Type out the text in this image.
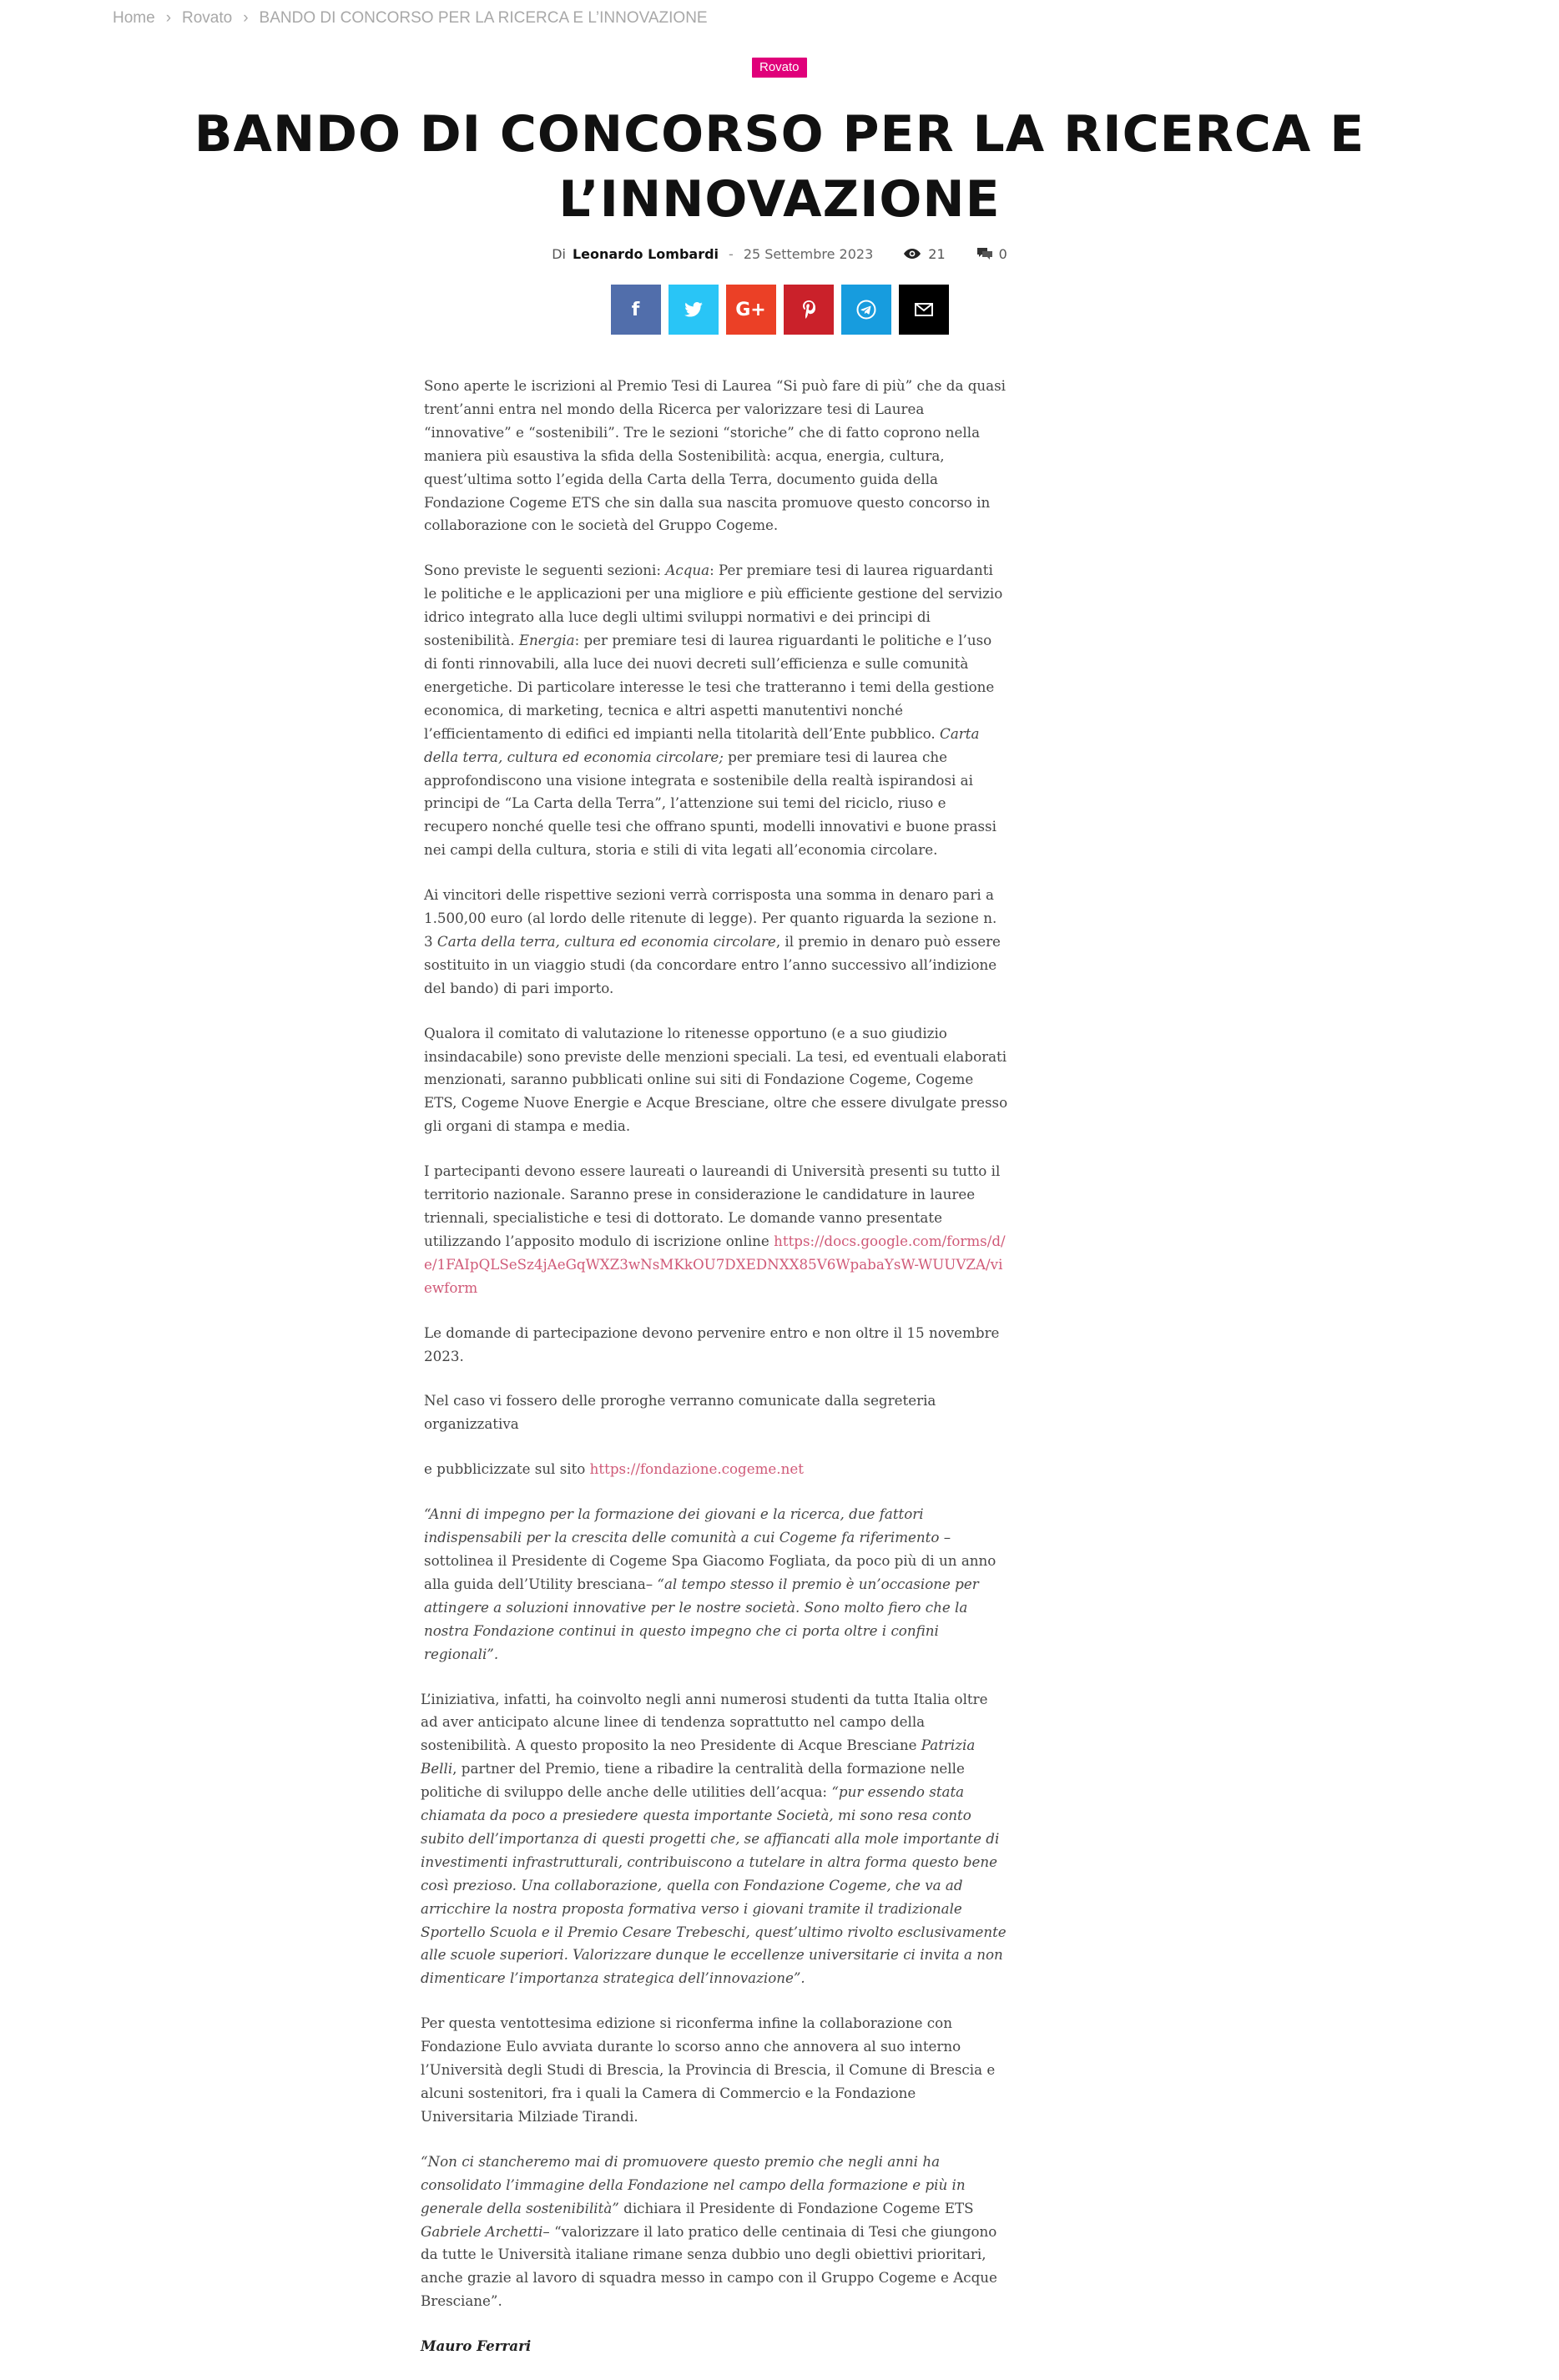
Home › Rovato › BANDO DI CONCORSO PER LA RICERCA E L’INNOVAZIONE
Rovato
BANDO DI CONCORSO PER LA RICERCA E L’INNOVAZIONE
Di Leonardo Lombardi - 25 Settembre 2023	21	0
f	G+

Sono aperte le iscrizioni al Premio Tesi di Laurea “Si può fare di più” che da quasi trent’anni entra nel mondo della Ricerca per valorizzare tesi di Laurea “innovative” e “sostenibili”. Tre le sezioni “storiche” che di fatto coprono nella maniera più esaustiva la sfida della Sostenibilità: acqua, energia, cultura, quest’ultima sotto l’egida della Carta della Terra, documento guida della Fondazione Cogeme ETS che sin dalla sua nascita promuove questo concorso in collaborazione con le società del Gruppo Cogeme.

Sono previste le seguenti sezioni: Acqua: Per premiare tesi di laurea riguardanti le politiche e le applicazioni per una migliore e più efficiente gestione del servizio idrico integrato alla luce degli ultimi sviluppi normativi e dei principi di sostenibilità. Energia: per premiare tesi di laurea riguardanti le politiche e l’uso di fonti rinnovabili, alla luce dei nuovi decreti sull’efficienza e sulle comunità energetiche. Di particolare interesse le tesi che tratteranno i temi della gestione economica, di marketing, tecnica e altri aspetti manutentivi nonché l’efficientamento di edifici ed impianti nella titolarità dell’Ente pubblico. Carta della terra, cultura ed economia circolare; per premiare tesi di laurea che approfondiscono una visione integrata e sostenibile della realtà ispirandosi ai principi de “La Carta della Terra”, l’attenzione sui temi del riciclo, riuso e recupero nonché quelle tesi che offrano spunti, modelli innovativi e buone prassi nei campi della cultura, storia e stili di vita legati all’economia circolare.

Ai vincitori delle rispettive sezioni verrà corrisposta una somma in denaro pari a 1.500,00 euro (al lordo delle ritenute di legge). Per quanto riguarda la sezione n. 3 Carta della terra, cultura ed economia circolare, il premio in denaro può essere sostituito in un viaggio studi (da concordare entro l’anno successivo all’indizione del bando) di pari importo.

Qualora il comitato di valutazione lo ritenesse opportuno (e a suo giudizio insindacabile) sono previste delle menzioni speciali. La tesi, ed eventuali elaborati menzionati, saranno pubblicati online sui siti di Fondazione Cogeme, Cogeme ETS, Cogeme Nuove Energie e Acque Bresciane, oltre che essere divulgate presso gli organi di stampa e media.

I partecipanti devono essere laureati o laureandi di Università presenti su tutto il territorio nazionale. Saranno prese in considerazione le candidature in lauree triennali, specialistiche e tesi di dottorato. Le domande vanno presentate utilizzando l’apposito modulo di iscrizione online https://docs.google.com/forms/d/e/1FAIpQLSeSz4jAeGqWXZ3wNsMKkOU7DXEDNXX85V6WpabaYsW-WUUVZA/viewform

Le domande di partecipazione devono pervenire entro e non oltre il 15 novembre 2023.

Nel caso vi fossero delle proroghe verranno comunicate dalla segreteria organizzativa

e pubblicizzate sul sito https://fondazione.cogeme.net

“Anni di impegno per la formazione dei giovani e la ricerca, due fattori indispensabili per la crescita delle comunità a cui Cogeme fa riferimento – sottolinea il Presidente di Cogeme Spa Giacomo Fogliata, da poco più di un anno alla guida dell’Utility bresciana– “al tempo stesso il premio è un’occasione per attingere a soluzioni innovative per le nostre società. Sono molto fiero che la nostra Fondazione continui in questo impegno che ci porta oltre i confini regionali”.

L’iniziativa, infatti, ha coinvolto negli anni numerosi studenti da tutta Italia oltre ad aver anticipato alcune linee di tendenza soprattutto nel campo della sostenibilità. A questo proposito la neo Presidente di Acque Bresciane Patrizia Belli, partner del Premio, tiene a ribadire la centralità della formazione nelle politiche di sviluppo delle anche delle utilities dell’acqua: “pur essendo stata chiamata da poco a presiedere questa importante Società, mi sono resa conto subito dell’importanza di questi progetti che, se affiancati alla mole importante di investimenti infrastrutturali, contribuiscono a tutelare in altra forma questo bene così prezioso. Una collaborazione, quella con Fondazione Cogeme, che va ad arricchire la nostra proposta formativa verso i giovani tramite il tradizionale Sportello Scuola e il Premio Cesare Trebeschi, quest’ultimo rivolto esclusivamente alle scuole superiori. Valorizzare dunque le eccellenze universitarie ci invita a non dimenticare l’importanza strategica dell’innovazione”.

Per questa ventottesima edizione si riconferma infine la collaborazione con Fondazione Eulo avviata durante lo scorso anno che annovera al suo interno l’Università degli Studi di Brescia, la Provincia di Brescia, il Comune di Brescia e alcuni sostenitori, fra i quali la Camera di Commercio e la Fondazione Universitaria Milziade Tirandi.

“Non ci stancheremo mai di promuovere questo premio che negli anni ha consolidato l’immagine della Fondazione nel campo della formazione e più in generale della sostenibilità” dichiara il Presidente di Fondazione Cogeme ETS Gabriele Archetti– “valorizzare il lato pratico delle centinaia di Tesi che giungono da tutte le Università italiane rimane senza dubbio uno degli obiettivi prioritari, anche grazie al lavoro di squadra messo in campo con il Gruppo Cogeme e Acque Bresciane”.

Mauro Ferrari
